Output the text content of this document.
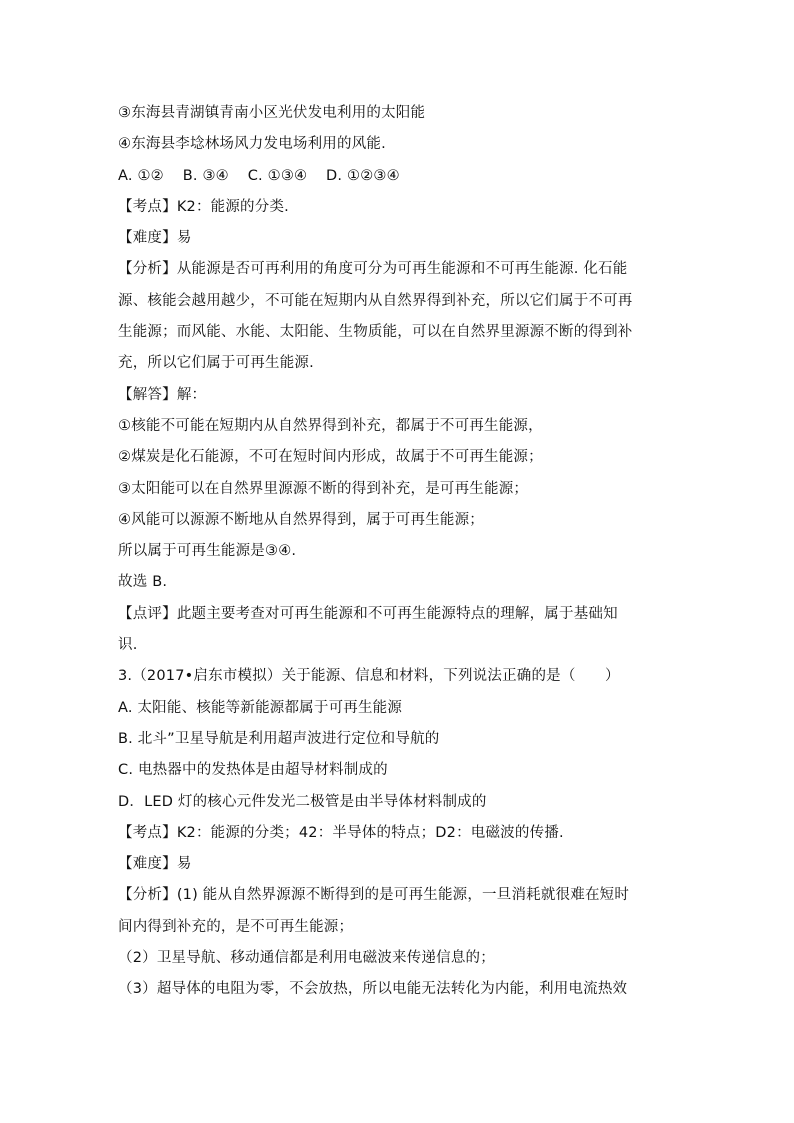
③东海县青湖镇青南小区光伏发电利用的太阳能
④东海县李埝林场风力发电场利用的风能.
A. ①② B. ③④ C. ①③④ D. ①②③④
【考点】K2：能源的分类.
【难度】易
【分析】从能源是否可再利用的角度可分为可再生能源和不可再生能源. 化石能
源、核能会越用越少，不可能在短期内从自然界得到补充，所以它们属于不可再
生能源；而风能、水能、太阳能、生物质能，可以在自然界里源源不断的得到补
充，所以它们属于可再生能源.
【解答】解：
①核能不可能在短期内从自然界得到补充，都属于不可再生能源，
②煤炭是化石能源，不可在短时间内形成，故属于不可再生能源；
③太阳能可以在自然界里源源不断的得到补充，是可再生能源；
④风能可以源源不断地从自然界得到，属于可再生能源；
所以属于可再生能源是③④.
故选 B.
【点评】此题主要考查对可再生能源和不可再生能源特点的理解，属于基础知
识.
3.（2017•启东市模拟）关于能源、信息和材料，下列说法正确的是（　　）
A. 太阳能、核能等新能源都属于可再生能源
B. 北斗”卫星导航是利用超声波进行定位和导航的
C. 电热器中的发热体是由超导材料制成的
D．LED 灯的核心元件发光二极管是由半导体材料制成的
【考点】K2：能源的分类；42：半导体的特点；D2：电磁波的传播.
【难度】易
【分析】(1) 能从自然界源源不断得到的是可再生能源，一旦消耗就很难在短时
间内得到补充的，是不可再生能源；
（2）卫星导航、移动通信都是利用电磁波来传递信息的；
（3）超导体的电阻为零，不会放热，所以电能无法转化为内能，利用电流热效
